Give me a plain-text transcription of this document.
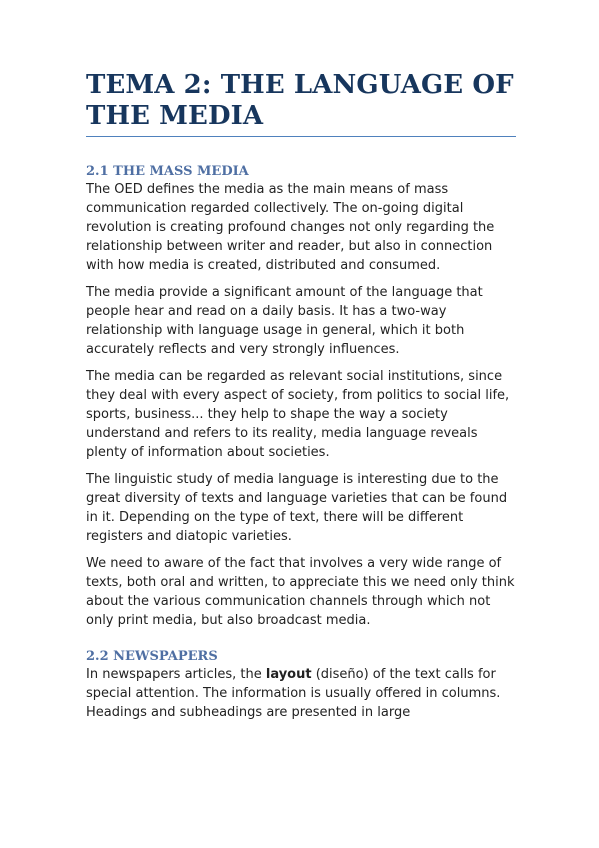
TEMA 2: THE LANGUAGE OF THE MEDIA
2.1 THE MASS MEDIA

The OED defines the media as the main means of mass communication regarded collectively. The on-going digital revolution is creating profound changes not only regarding the relationship between writer and reader, but also in connection with how media is created, distributed and consumed.

The media provide a significant amount of the language that people hear and read on a daily basis. It has a two-way relationship with language usage in general, which it both accurately reflects and very strongly influences.

The media can be regarded as relevant social institutions, since they deal with every aspect of society, from politics to social life, sports, business... they help to shape the way a society understand and refers to its reality, media language reveals plenty of information about societies.

The linguistic study of media language is interesting due to the great diversity of texts and language varieties that can be found in it. Depending on the type of text, there will be different registers and diatopic varieties.

We need to aware of the fact that involves a very wide range of texts, both oral and written, to appreciate this we need only think about the various communication channels through which not only print media, but also broadcast media.

2.2 NEWSPAPERS

In newspapers articles, the layout (diseño) of the text calls for special attention. The information is usually offered in columns. Headings and subheadings are presented in large
